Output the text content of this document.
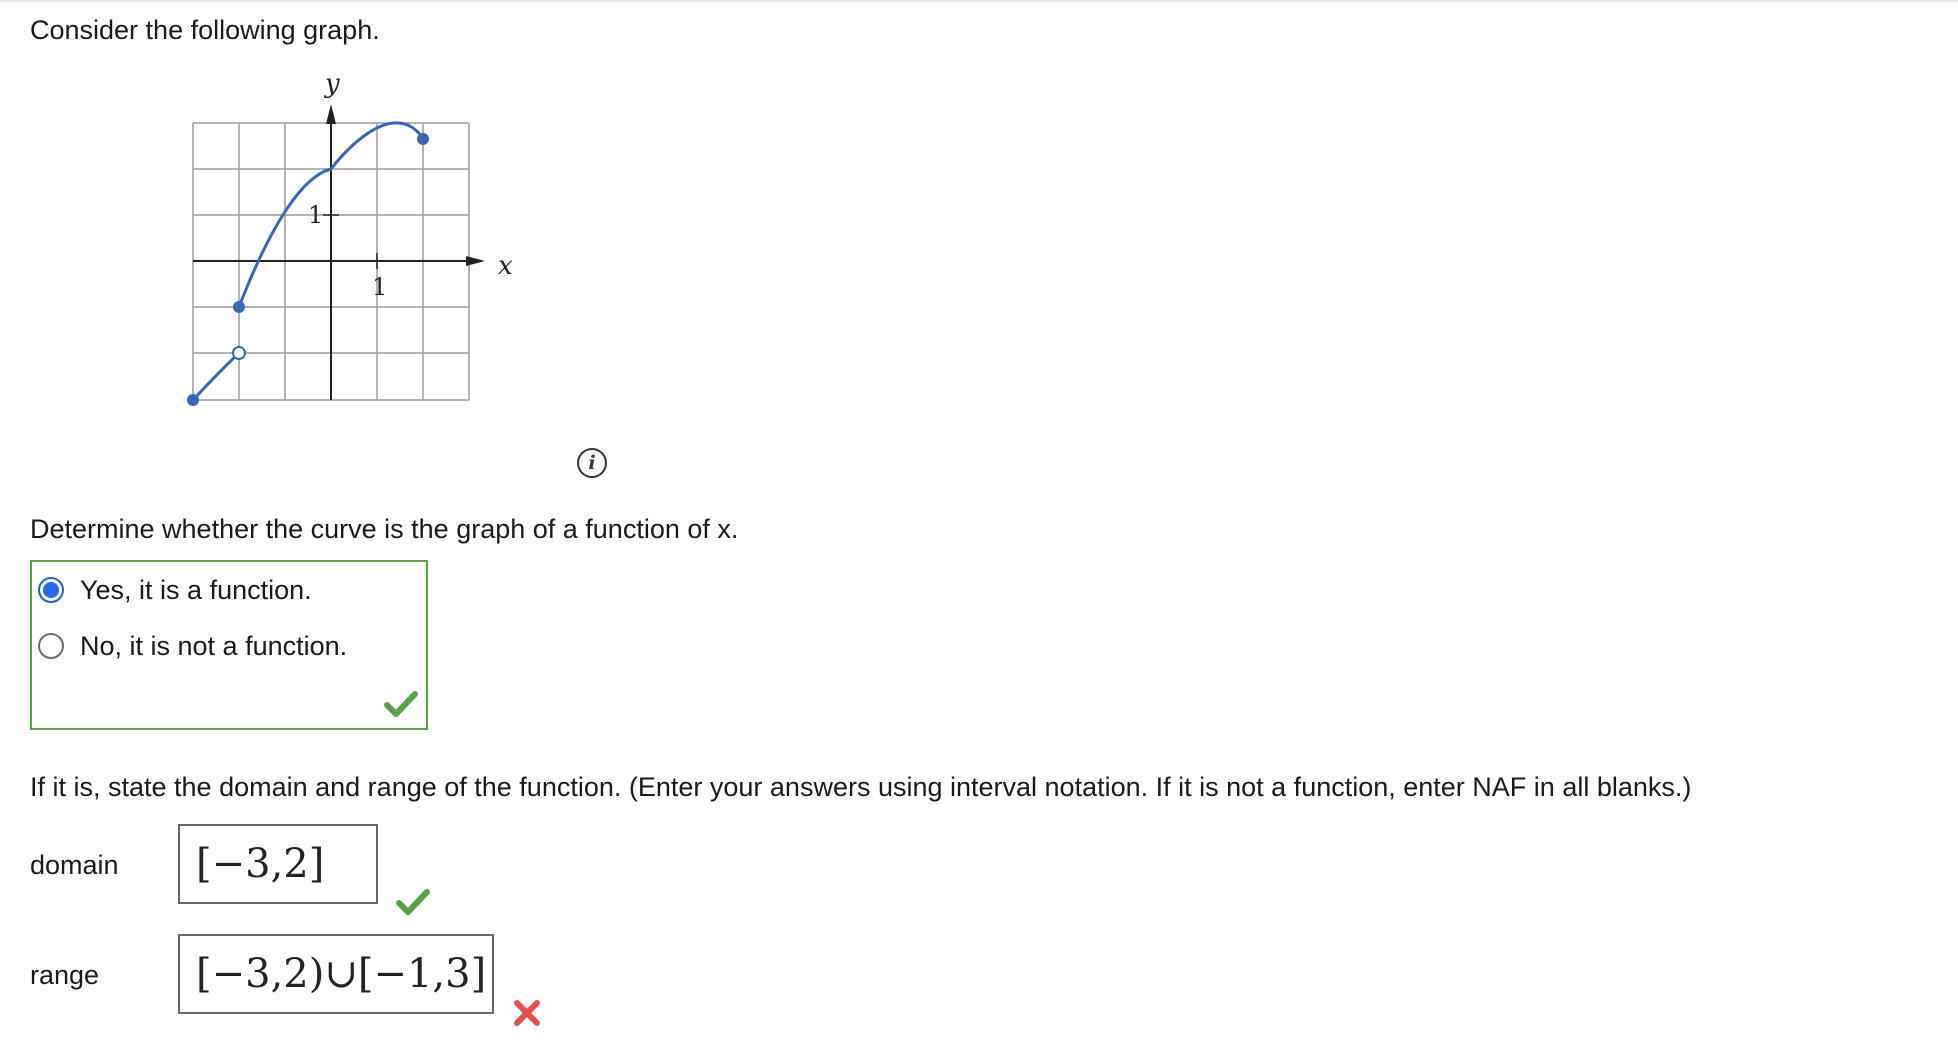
Consider the following graph.
x
y
1
1
i
Determine whether the curve is the graph of a function of x.
Yes, it is a function.
No, it is not a function.
If it is, state the domain and range of the function. (Enter your answers using interval notation. If it is not a function, enter NAF in all blanks.)
domain	[−3,2]
range	[−3,2)∪[−1,3]
